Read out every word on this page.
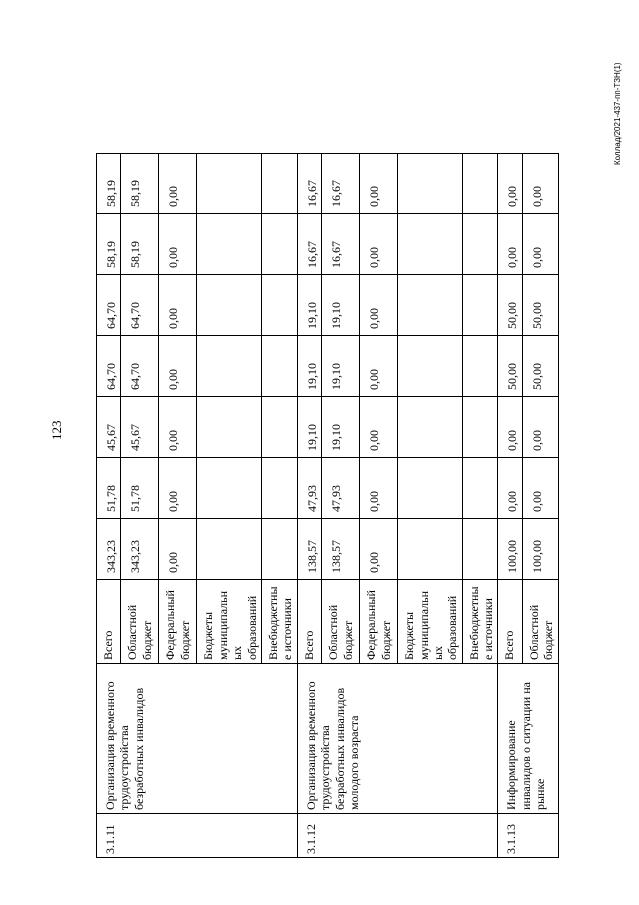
123
Коллад/2021-437-пп-ТЗН(1)
3.1.11	Организация временного трудоустройства безработных инвалидов	Всего	343,23	51,78	45,67	64,70	64,70	58,19	58,19
		Областной бюджет	343,23	51,78	45,67	64,70	64,70	58,19	58,19
		Федеральный бюджет	0,00	0,00	0,00	0,00	0,00	0,00	0,00
		Бюджеты муниципальных образований							
		Внебюджетные источники							
3.1.12	Организация временного трудоустройства безработных инвалидов молодого возраста	Всего	138,57	47,93	19,10	19,10	19,10	16,67	16,67
		Областной бюджет	138,57	47,93	19,10	19,10	19,10	16,67	16,67
		Федеральный бюджет	0,00	0,00	0,00	0,00	0,00	0,00	0,00
		Бюджеты муниципальных образований							
		Внебюджетные источники							
3.1.13	Информирование инвалидов о ситуации на рынке	Всего	100,00	0,00	0,00	50,00	50,00	0,00	0,00
		Областной бюджет	100,00	0,00	0,00	50,00	50,00	0,00	0,00
